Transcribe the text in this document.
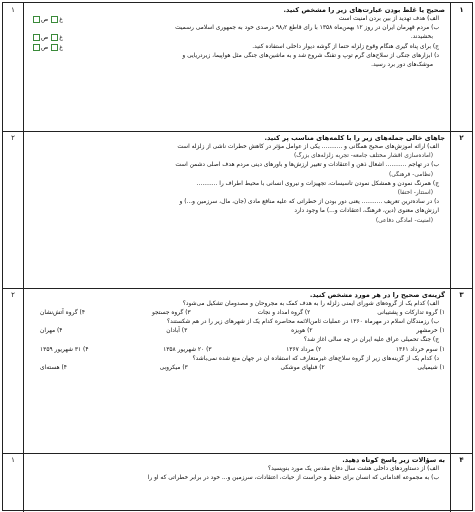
۱
صحیح یا غلط بودن عبارت‌های زیر را مشخص کنید.
الف) هدف تهدید از بین بردن امنیت است
غص
ب) مردم قهرمان ایران در روز ۱۲ بهمن‌ماه ۱۳۵۸ با رأی قاطع ۹۸٫۲ درصدی خود به جمهوری اسلامی رسمیت
بخشیدند.
غص
ج) برای پناه گیری هنگام وقوع زلزله حتماً از گوشه دیوار داخلی استفاده کنید.
غص
د) ابزارهای جنگی از سلاح‌های گرم توپ و تفنگ شروع شد و به ماشین‌های جنگی مثل هواپیما، زیردریایی و
موشک‌های دور برد رسید.
۱
۲
جاهای خالی جمله‌های زیر را با کلمه‌های مناسب پر کنید.
الف) ارائه آموزش‌های صحیح همگانی و ........... یکی از عوامل مؤثر در کاهش خطرات ناشی از زلزله است
(آماده‌سازی اقشار مختلف جامعه- تجربه زلزله‌های بزرگ)
ب) در تهاجم ........... اشغال ذهن و اعتقادات و تغییر ارزش‌ها و باورهای دینی مردم هدف اصلی دشمن است
(نظامی- فرهنگی)
ج) همرنگ نمودن و همشکل نمودن تأسیسات، تجهیزات و نیروی انسانی با محیط اطراف را ...........
(استتار- اختفا)
د) در ساده‌ترین تعریف ........... یعنی دور بودن از خطراتی که علیه منافع مادی (جان، مال، سرزمین و...) و
ارزش‌های معنوی (دین، فرهنگ، اعتقادات و...) ما وجود دارد
(امنیت- آمادگی دفاعی)
۲
۳
گزینه‌ی صحیح را در هر مورد مشخص کنید.
الف) کدام یک از گروه‌های شورای ایمنی زلزله را به هدف کمک به مجروحان و مصدومان تشکیل می‌شود؟
۱) گروه تدارکات و پشتیبانی
۲) گروه امداد و نجات
۳) گروه جستجو
۴) گروه آتش‌نشان
ب) رزمندگان اسلام در مهرماه ۱۳۶۰ در عملیات ثامن‌الائمه محاصره کدام یک از شهرهای زیر را در هم شکستند؟
۱) خرمشهر
۲) هویزه
۳) آبادان
۴) مهران
ج) جنگ تحمیلی عراق علیه ایران در چه سالی آغاز شد؟
۱) سوم خرداد ۱۳۶۱
۲) مرداد ۱۳۶۷
۳) ۲۰ شهریور ۱۳۵۸
۴) ۳۱ شهریور ۱۳۵۹
د) کدام یک از گزینه‌های زیر از گروه سلاح‌های غیرمتعارف که استفاده آن در جهان منع شده نمی‌باشد؟
۱) شیمیایی
۲) فنلهای موشکی
۳) میکروبی
۴) هسته‌ای
۲
۴
به سؤالات زیر پاسخ کوتاه دهید.
الف) از دستاوردهای داخلی هشت سال دفاع مقدس یک مورد بنویسید؟
ب) به مجموعه اقداماتی که انسان برای حفظ و حراست از حیات، اعتقادات، سرزمین و... خود در برابر خطراتی که او را
۱
